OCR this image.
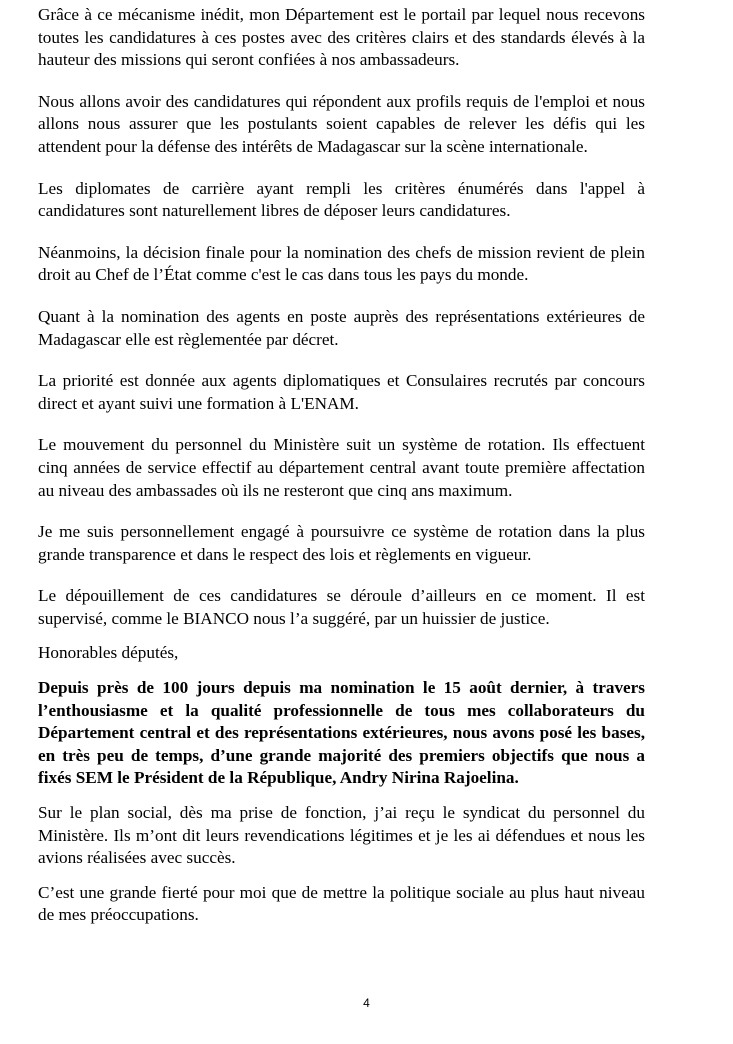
Grâce à ce mécanisme inédit, mon Département est le portail par lequel nous recevons toutes les candidatures à ces postes avec des critères clairs et des standards élevés à la hauteur des missions qui seront confiées à nos ambassadeurs.

Nous allons avoir des candidatures qui répondent aux profils requis de l'emploi et nous allons nous assurer que les postulants soient capables de relever les défis qui les attendent pour la défense des intérêts de Madagascar sur la scène internationale.

Les diplomates de carrière ayant rempli les critères énumérés dans l'appel à candidatures sont naturellement libres de déposer leurs candidatures.

Néanmoins, la décision finale pour la nomination des chefs de mission revient de plein droit au Chef de l’État comme c'est le cas dans tous les pays du monde.

Quant à la nomination des agents en poste auprès des représentations extérieures de Madagascar elle est règlementée par décret.

La priorité est donnée aux agents diplomatiques et Consulaires recrutés par concours direct et ayant suivi une formation à L'ENAM.

Le mouvement du personnel du Ministère suit un système de rotation. Ils effectuent cinq années de service effectif au département central avant toute première affectation au niveau des ambassades où ils ne resteront que cinq ans maximum.

Je me suis personnellement engagé à poursuivre ce système de rotation dans la plus grande transparence et dans le respect des lois et règlements en vigueur.

Le dépouillement de ces candidatures se déroule d’ailleurs en ce moment. Il est supervisé, comme le BIANCO nous l’a suggéré, par un huissier de justice.

Honorables députés,

Depuis près de 100 jours depuis ma nomination le 15 août dernier, à travers l’enthousiasme et la qualité professionnelle de tous mes collaborateurs du Département central et des représentations extérieures, nous avons posé les bases, en très peu de temps, d’une grande majorité des premiers objectifs que nous a fixés SEM le Président de la République, Andry Nirina Rajoelina.

Sur le plan social, dès ma prise de fonction, j’ai reçu le syndicat du personnel du Ministère. Ils m’ont dit leurs revendications légitimes et je les ai défendues et nous les avions réalisées avec succès.

C’est une grande fierté pour moi que de mettre la politique sociale au plus haut niveau de mes préoccupations.

4
